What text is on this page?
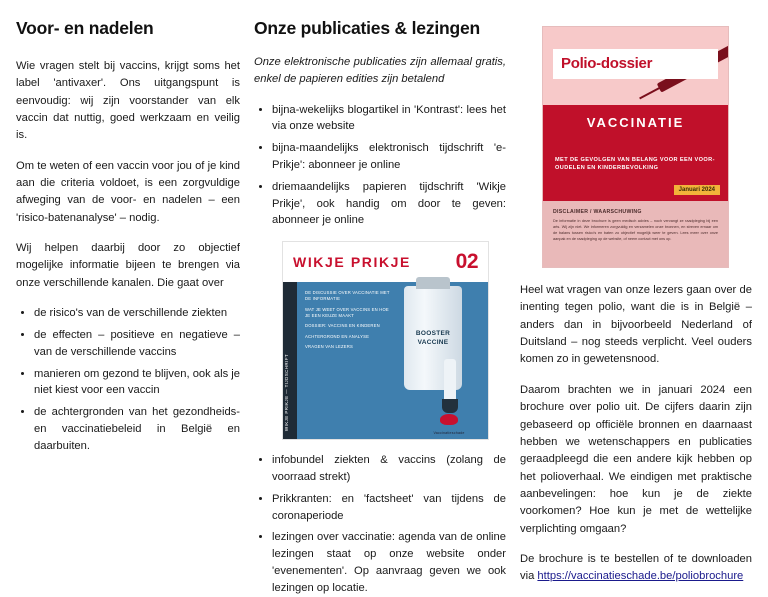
Voor- en nadelen

Wie vragen stelt bij vaccins, krijgt soms het label 'antivaxer'. Ons uitgangspunt is eenvoudig: wij zijn voorstander van elk vaccin dat nuttig, goed werkzaam en veilig is.

Om te weten of een vaccin voor jou of je kind aan die criteria voldoet, is een zorgvuldige afweging van de voor- en nadelen – een 'risico-batenanalyse' – nodig.

Wij helpen daarbij door zo objectief mogelijke informatie bijeen te brengen via onze verschillende kanalen. Die gaat over

• de risico's van de verschillende ziekten
• de effecten – positieve en negatieve – van de verschillende vaccins
• manieren om gezond te blijven, ook als je niet kiest voor een vaccin
• de achtergronden van het gezondheids- en vaccinatiebeleid in België en daarbuiten.
Onze publicaties & lezingen

Onze elektronische publicaties zijn allemaal gratis, enkel de papieren edities zijn betalend

• bijna-wekelijks blogartikel in 'Kontrast': lees het via onze website
• bijna-maandelijks elektronisch tijdschrift 'e-Prikje': abonneer je online
• driemaandelijks papieren tijdschrift 'Wikje Prikje', ook handig om door te geven: abonneer je online
WIKJE PRIKJE 02
WIKJE PRIKJE — TIJDSCHRIFT
DE DISCUSSIE OVER VACCINATIE MET DE INFORMATIE
WAT JE WEET OVER VACCINS EN HOE JE EEN KEUZE MAAKT
DOSSIER: VACCINS EN KINDEREN
ACHTERGROND EN ANALYSE
VRAGEN VAN LEZERS
BOOSTER VACCINE
Vaccinatieschade
• infobundel ziekten & vaccins (zolang de voorraad strekt)
• Prikkranten: en 'factsheet' van tijdens de coronaperiode
• lezingen over vaccinatie: agenda van de online lezingen staat op onze website onder 'evenementen'. Op aanvraag geven we ook lezingen op locatie.
Polio-dossier
VACCINATIE
MET DE GEVOLGEN VAN BELANG VOOR EEN VOOR- OUDELEN EN KINDERBEVOLKING
Januari 2024
DISCLAIMER / WAARSCHUWING
De informatie in deze brochure is geen medisch advies – noch vervangt ze raadpleging bij een arts. Wij zijn niet. We informeren zorgvuldig en verzamelen onze bronnen, en streven ernaar om de balans tussen risico's en baten zo objectief mogelijk weer te geven. Lees meer over onze aanpak en de raadpleging op de website, of neem contact met ons op.

Heel wat vragen van onze lezers gaan over de inenting tegen polio, want die is in België – anders dan in bijvoorbeeld Nederland of Duitsland – nog steeds verplicht. Veel ouders komen zo in gewetensnood.

Daarom brachten we in januari 2024 een brochure over polio uit. De cijfers daarin zijn gebaseerd op officiële bronnen en daarnaast hebben we wetenschappers en publicaties geraadpleegd die een andere kijk hebben op het polioverhaal. We eindigen met praktische aanbevelingen: hoe kun je de ziekte voorkomen? Hoe kun je met de wettelijke verplichting omgaan?

De brochure is te bestellen of te downloaden via https://vaccinatieschade.be/poliobrochure
